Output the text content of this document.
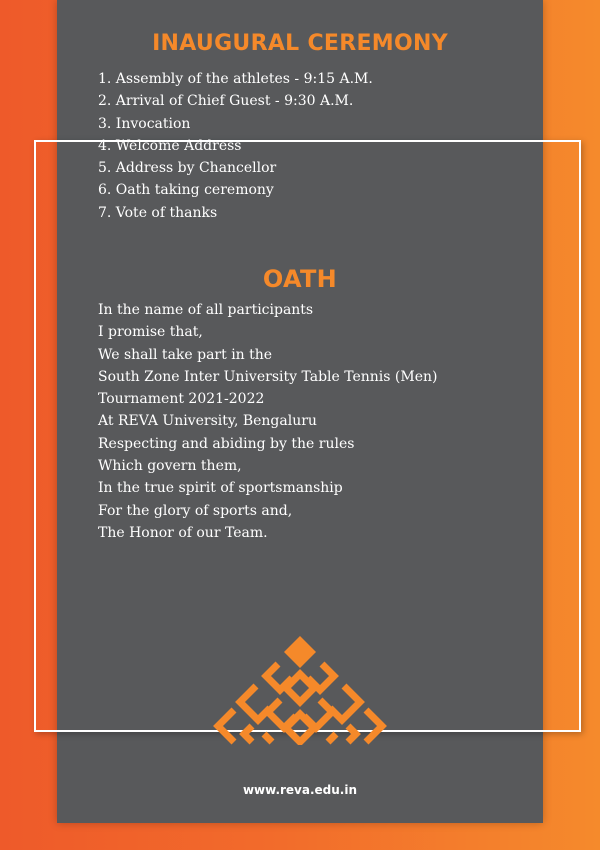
INAUGURAL CEREMONY
1. Assembly of the athletes - 9:15 A.M.
2. Arrival of Chief Guest - 9:30 A.M.
3. Invocation
4. Welcome Address
5. Address by Chancellor
6. Oath taking ceremony
7. Vote of thanks
OATH
In the name of all participants
I promise that,
We shall take part in the
South Zone Inter University Table Tennis (Men)
Tournament 2021-2022
At REVA University, Bengaluru
Respecting and abiding by the rules
Which govern them,
In the true spirit of sportsmanship
For the glory of sports and,
The Honor of our Team.
www.reva.edu.in
